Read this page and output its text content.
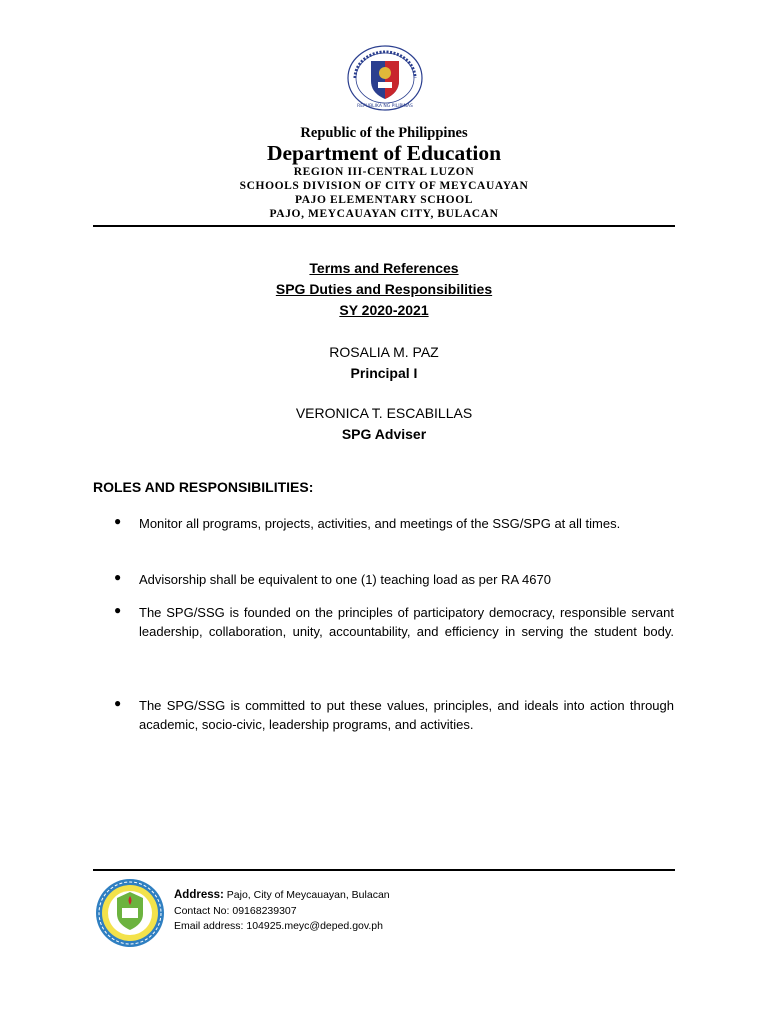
REPUBLIKA NG PILIPINAS
Republic of the Philippines
Department of Education
REGION III-CENTRAL LUZON
SCHOOLS DIVISION OF CITY OF MEYCAUAYAN
PAJO ELEMENTARY SCHOOL
PAJO, MEYCAUAYAN CITY, BULACAN
Terms and References
SPG Duties and Responsibilities
SY 2020-2021
ROSALIA M. PAZ
Principal I
VERONICA T. ESCABILLAS
SPG Adviser
ROLES AND RESPONSIBILITIES:
● Monitor all programs, projects, activities, and meetings of the SSG/SPG at all times.
● Advisorship shall be equivalent to one (1) teaching load as per RA 4670
● The SPG/SSG is founded on the principles of participatory democracy, responsible servant leadership, collaboration, unity, accountability, and efficiency in serving the student body.
● The SPG/SSG is committed to put these values, principles, and ideals into action through academic, socio-civic, leadership programs, and activities.
Address: Pajo, City of Meycauayan, Bulacan
Contact No: 09168239307
Email address: 104925.meyc@deped.gov.ph
